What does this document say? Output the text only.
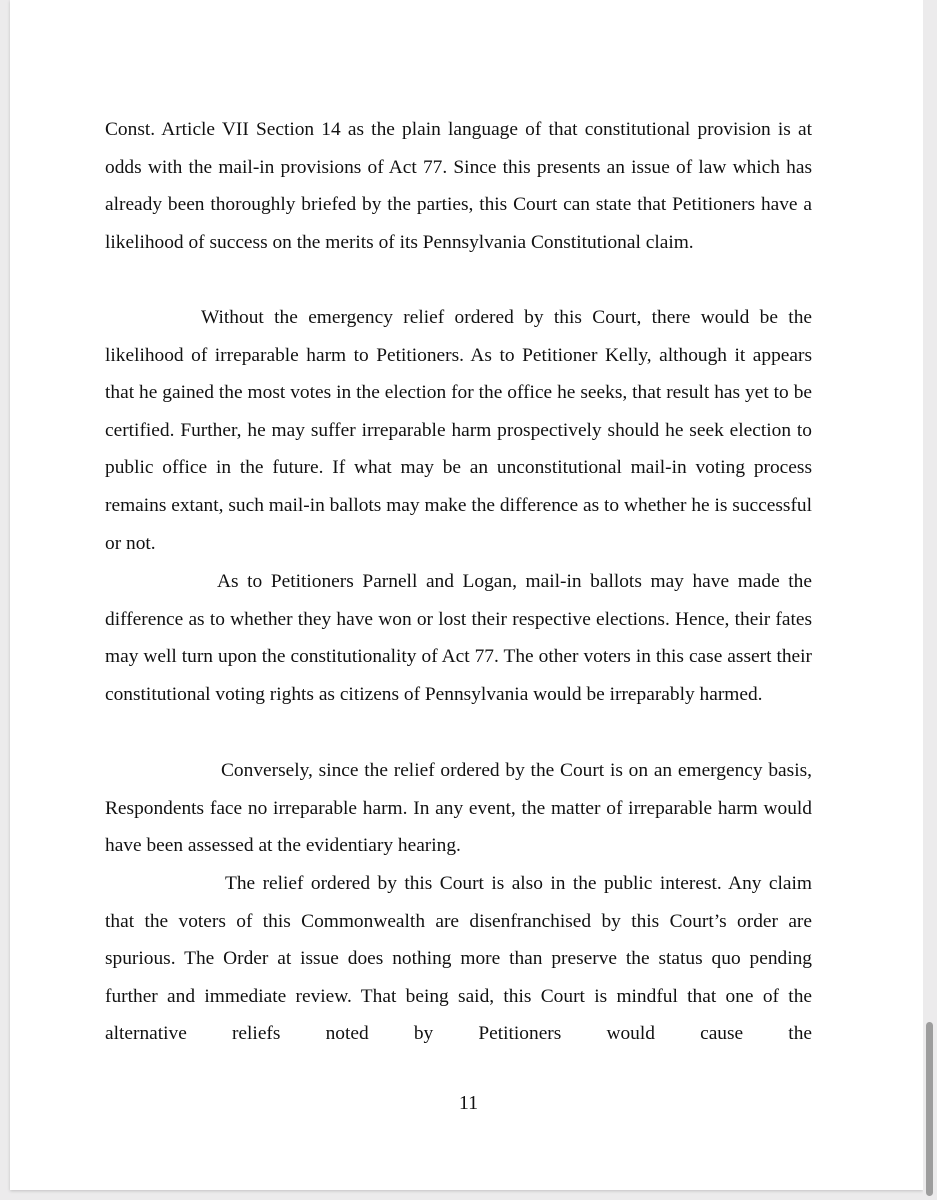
Const. Article VII Section 14 as the plain language of that constitutional provision is at odds with the mail-in provisions of Act 77. Since this presents an issue of law which has already been thoroughly briefed by the parties, this Court can state that Petitioners have a likelihood of success on the merits of its Pennsylvania Constitutional claim.

Without the emergency relief ordered by this Court, there would be the likelihood of irreparable harm to Petitioners. As to Petitioner Kelly, although it appears that he gained the most votes in the election for the office he seeks, that result has yet to be certified. Further, he may suffer irreparable harm prospectively should he seek election to public office in the future. If what may be an unconstitutional mail-in voting process remains extant, such mail-in ballots may make the difference as to whether he is successful or not.

As to Petitioners Parnell and Logan, mail-in ballots may have made the difference as to whether they have won or lost their respective elections. Hence, their fates may well turn upon the constitutionality of Act 77. The other voters in this case assert their constitutional voting rights as citizens of Pennsylvania would be irreparably harmed.

Conversely, since the relief ordered by the Court is on an emergency basis, Respondents face no irreparable harm. In any event, the matter of irreparable harm would have been assessed at the evidentiary hearing.

The relief ordered by this Court is also in the public interest. Any claim that the voters of this Commonwealth are disenfranchised by this Court’s order are spurious. The Order at issue does nothing more than preserve the status quo pending further and immediate review. That being said, this Court is mindful that one of the alternative reliefs noted by Petitioners would cause the

11
